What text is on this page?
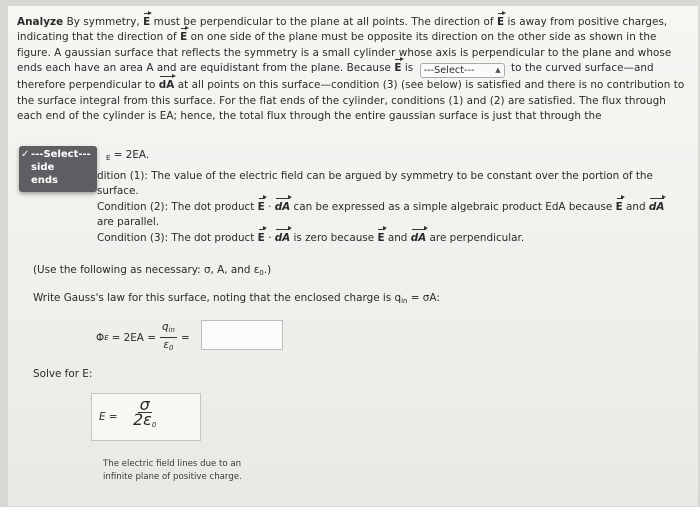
Analyze By symmetry, E must be perpendicular to the plane at all points. The direction of E is away from positive charges, indicating that the direction of E on one side of the plane must be opposite its direction on the other side as shown in the figure. A gaussian surface that reflects the symmetry is a small cylinder whose axis is perpendicular to the plane and whose ends each have an area A and are equidistant from the plane. Because E is ---Select---	▲ to the curved surface—and therefore perpendicular to dA at all points on this surface—condition (3) (see below) is satisfied and there is no contribution to the surface integral from this surface. For the flat ends of the cylinder, conditions (1) and (2) are satisfied. The flux through each end of the cylinder is EA; hence, the total flux through the entire gaussian surface is just that through the
✓ ---Select---
side
ends
$_E$ = 2EA.

dition (1): The value of the electric field can be argued by symmetry to be constant over the portion of the
surface.

Condition (2): The dot product E · dA can be expressed as a simple algebraic product EdA because E and dA
are parallel.

Condition (3): The dot product E · dA is zero because E and dA are perpendicular.

(Use the following as necessary: σ, A, and $\varepsilon_0$.)
Write Gauss's law for this surface, noting that the enclosed charge is $q_{in} = \sigma A$:
Φ $E = 2EA = \frac{q_{in}}{\varepsilon_0}$ =
Solve for E:
$E = \frac{\sigma}{2\varepsilon_0}$
The electric field lines due to an infinite plane of positive charge.
